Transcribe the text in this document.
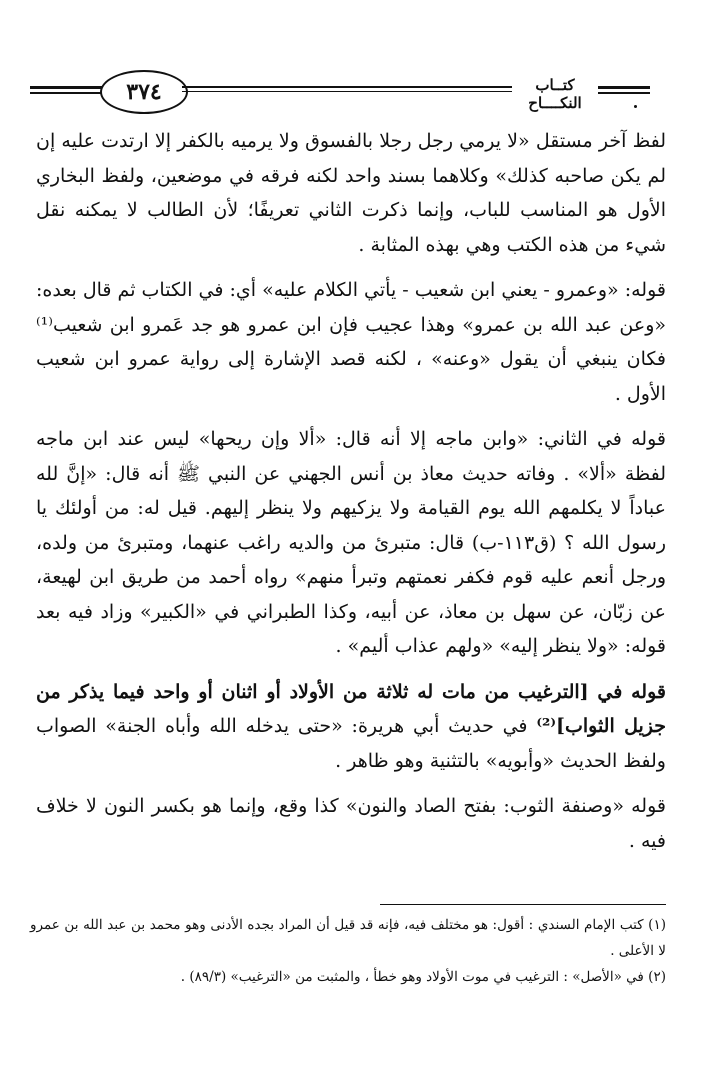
٣٧٤	كتــاب النكــــاح

لفظ آخر مستقل «لا يرمي رجل رجلا بالفسوق ولا يرميه بالكفر إلا ارتدت عليه إن لم يكن صاحبه كذلك» وكلاهما بسند واحد لكنه فرقه في موضعين، ولفظ البخاري الأول هو المناسب للباب، وإنما ذكرت الثاني تعريفًا؛ لأن الطالب لا يمكنه نقل شيء من هذه الكتب وهي بهذه المثابة .

قوله: «وعمرو - يعني ابن شعيب - يأتي الكلام عليه» أي: في الكتاب ثم قال بعده: «وعن عبد الله بن عمرو» وهذا عجيب فإن ابن عمرو هو جد عَمرو ابن شعيب⁽¹⁾ فكان ينبغي أن يقول «وعنه» ، لكنه قصد الإشارة إلى رواية عمرو ابن شعيب الأول .

قوله في الثاني: «وابن ماجه إلا أنه قال: «ألا وإن ريحها» ليس عند ابن ماجه لفظة «ألا» . وفاته حديث معاذ بن أنس الجهني عن النبي ﷺ أنه قال: «إنَّ لله عباداً لا يكلمهم الله يوم القيامة ولا يزكيهم ولا ينظر إليهم. قيل له: من أولئك يا رسول الله ؟ (ق١١٣-ب) قال: متبرئ من والديه راغب عنهما، ومتبرئ من ولده، ورجل أنعم عليه قوم فكفر نعمتهم وتبرأ منهم» رواه أحمد من طريق ابن لهيعة، عن زبّان، عن سهل بن معاذ، عن أبيه، وكذا الطبراني في «الكبير» وزاد فيه بعد قوله: «ولا ينظر إليه» «ولهم عذاب أليم» .

قوله في [الترغيب من مات له ثلاثة من الأولاد أو اثنان أو واحد فيما يذكر من جزيل الثواب]⁽²⁾ في حديث أبي هريرة: «حتى يدخله الله وأباه الجنة» الصواب ولفظ الحديث «وأبويه» بالتثنية وهو ظاهر .

قوله «وصنفة الثوب: بفتح الصاد والنون» كذا وقع، وإنما هو بكسر النون لا خلاف فيه .

(١) كتب الإمام السندي : أقول: هو مختلف فيه، فإنه قد قيل أن المراد بجده الأدنى وهو محمد بن عبد الله بن عمرو لا الأعلى .

(٢) في «الأصل» : الترغيب في موت الأولاد وهو خطأ ، والمثبت من «الترغيب» (٨٩/٣) .
